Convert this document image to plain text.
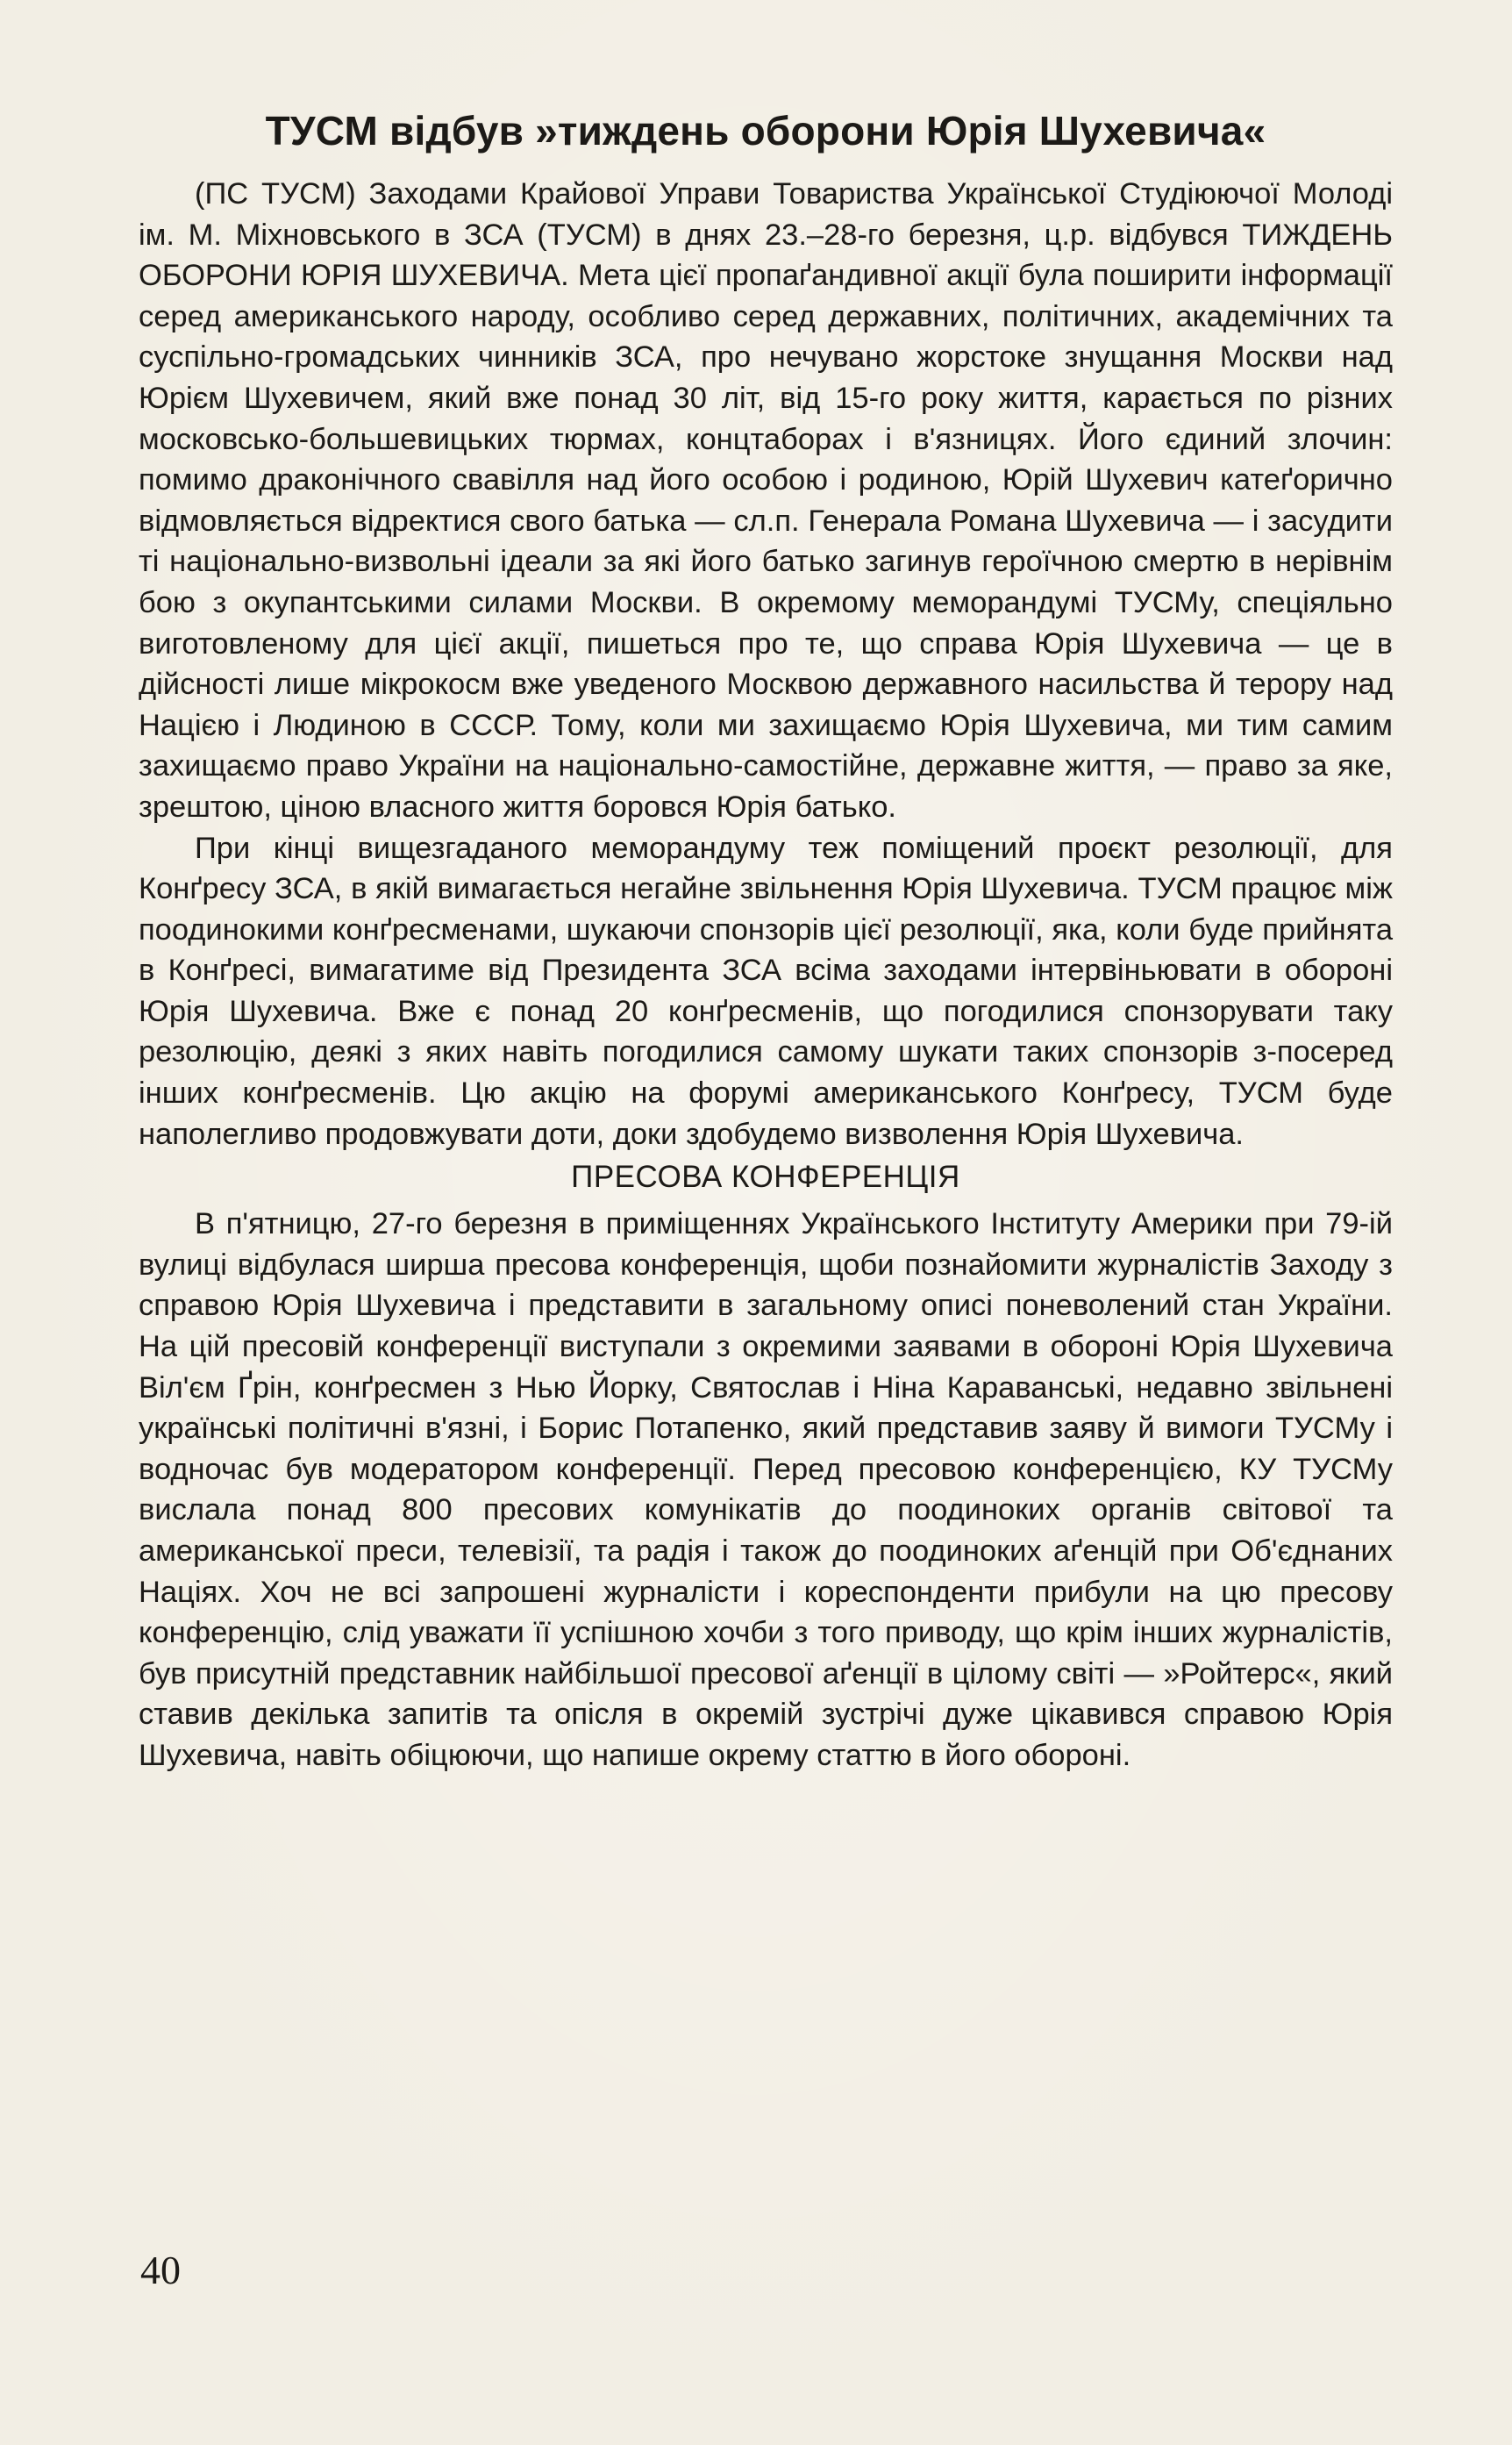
ТУСМ відбув »тиждень оборони Юрія Шухевича«

(ПС ТУСМ) Заходами Крайової Управи Товариства Української Студіюючої Молоді ім. М. Міхновського в ЗСА (ТУСМ) в днях 23.–28-го березня, ц.р. відбувся ТИЖДЕНЬ ОБОРОНИ ЮРІЯ ШУХЕВИЧА. Мета цієї пропаґандивної акції була поширити інформації серед американського народу, особливо серед державних, політичних, академічних та суспільно-громадських чинників ЗСА, про нечувано жорстоке знущання Москви над Юрієм Шухевичем, який вже понад 30 літ, від 15-го року життя, карається по різних московсько-большевицьких тюрмах, концтаборах і в'язницях. Його єдиний злочин: помимо драконічного свавілля над його особою і родиною, Юрій Шухевич катеґорично відмовляється відректися свого батька — сл.п. Генерала Романа Шухевича — і засудити ті національно-визвольні ідеали за які його батько загинув героїчною смертю в нерівнім бою з окупантськими силами Москви. В окремому меморандумі ТУСМу, спеціяльно виготовленому для цієї акції, пишеться про те, що справа Юрія Шухевича — це в дійсності лише мікрокосм вже уведеного Москвою державного насильства й терору над Нацією і Людиною в СССР. Тому, коли ми захищаємо Юрія Шухевича, ми тим самим захищаємо право України на національно-самостійне, державне життя, — право за яке, зрештою, ціною власного життя боровся Юрія батько.

При кінці вищезгаданого меморандуму теж поміщений проєкт резолюції, для Конґресу ЗСА, в якій вимагається негайне звільнення Юрія Шухевича. ТУСМ працює між поодинокими конґресменами, шукаючи спонзорів цієї резолюції, яка, коли буде прийнята в Конґресі, вимагатиме від Президента ЗСА всіма заходами інтервіньювати в обороні Юрія Шухевича. Вже є понад 20 конґресменів, що погодилися спонзорувати таку резолюцію, деякі з яких навіть погодилися самому шукати таких спонзорів з-посеред інших конґресменів. Цю акцію на форумі американського Конґресу, ТУСМ буде наполегливо продовжувати доти, доки здобудемо визволення Юрія Шухевича.

ПРЕСОВА КОНФЕРЕНЦІЯ

В п'ятницю, 27-го березня в приміщеннях Українського Інституту Америки при 79-ій вулиці відбулася ширша пресова конференція, щоби познайомити журналістів Заходу з справою Юрія Шухевича і представити в загальному описі поневолений стан України. На цій пресовій конференції виступали з окремими заявами в обороні Юрія Шухевича Віл'єм Ґрін, конґресмен з Нью Йорку, Святослав і Ніна Караванські, недавно звільнені українські політичні в'язні, і Борис Потапенко, який представив заяву й вимоги ТУСМу і водночас був модератором конференції. Перед пресовою конференцією, КУ ТУСМу вислала понад 800 пресових комунікатів до поодиноких органів світової та американської преси, телевізії, та радія і також до поодиноких аґенцій при Об'єднаних Націях. Хоч не всі запрошені журналісти і кореспонденти прибули на цю пресову конференцію, слід уважати її успішною хочби з того приводу, що крім інших журналістів, був присутній представник найбільшої пресової аґенції в цілому світі — »Ройтерс«, який ставив декілька запитів та опісля в окремій зустрічі дуже цікавився справою Юрія Шухевича, навіть обіцюючи, що напише окрему статтю в його обороні.

40
